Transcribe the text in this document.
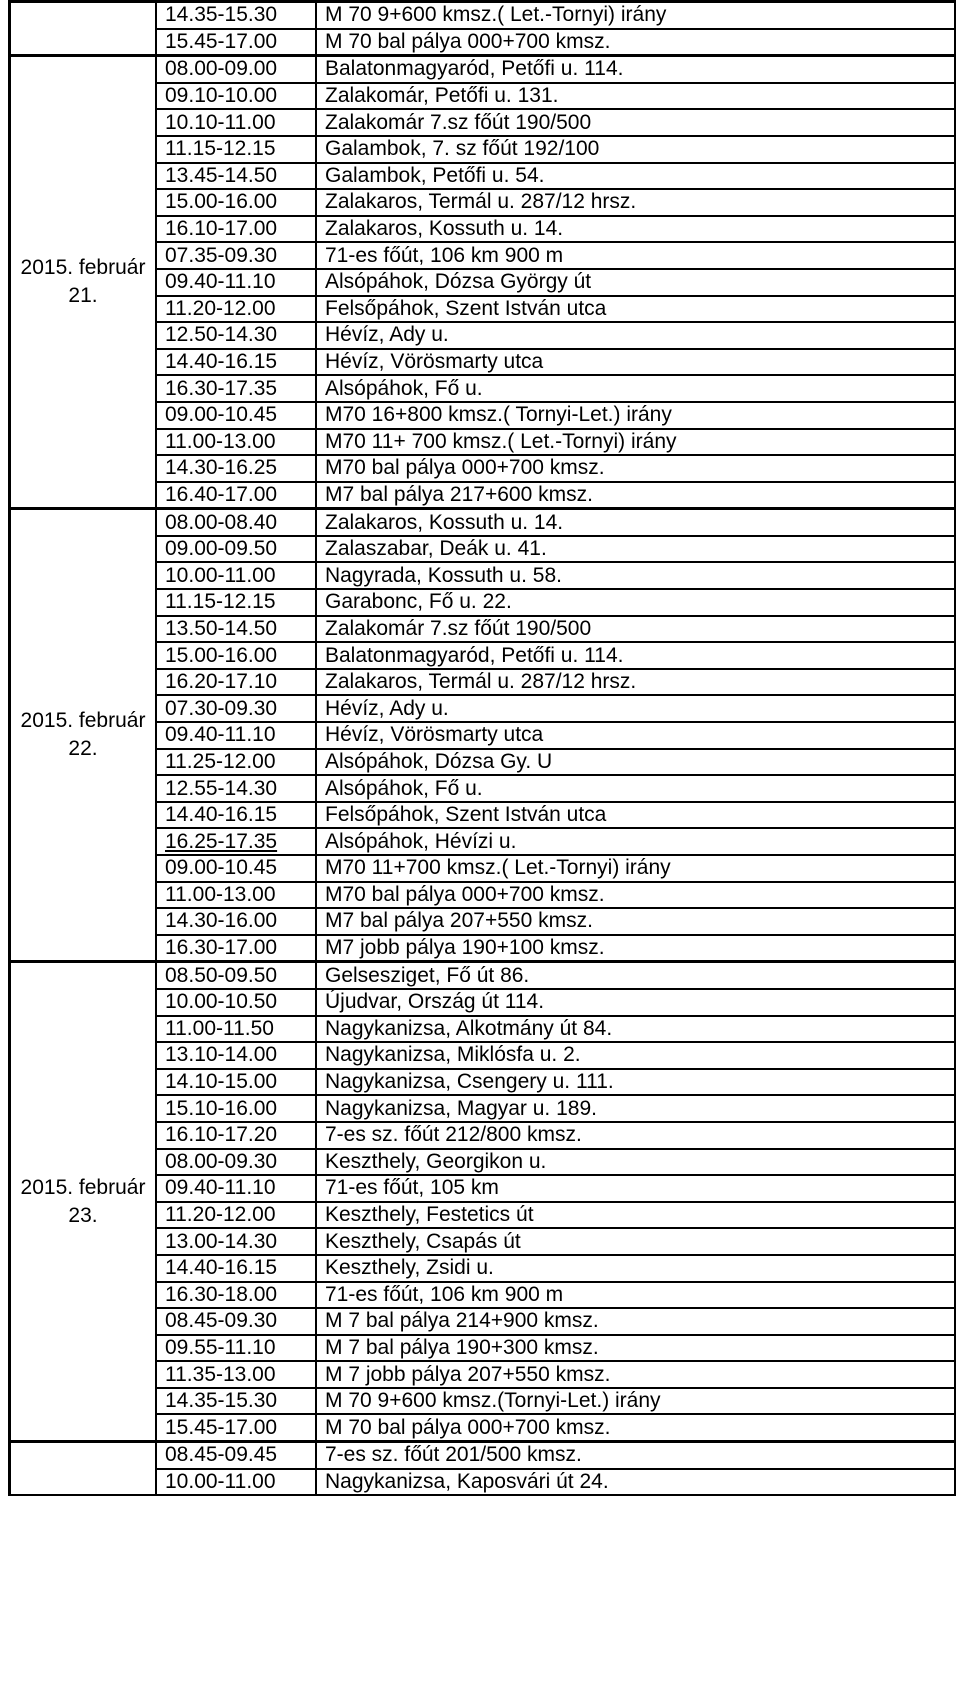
	14.35-15.30	M 70 9+600 kmsz.( Let.-Tornyi) irány
	15.45-17.00	M 70 bal pálya 000+700 kmsz.
2015. február 21.	08.00-09.00	Balatonmagyaród, Petőfi u. 114.
	09.10-10.00	Zalakomár, Petőfi u. 131.
	10.10-11.00	Zalakomár 7.sz főút 190/500
	11.15-12.15	Galambok, 7. sz főút 192/100
	13.45-14.50	Galambok, Petőfi u. 54.
	15.00-16.00	Zalakaros, Termál u. 287/12 hrsz.
	16.10-17.00	Zalakaros, Kossuth u. 14.
	07.35-09.30	71-es főút, 106 km 900 m
	09.40-11.10	Alsópáhok, Dózsa György út
	11.20-12.00	Felsőpáhok, Szent István utca
	12.50-14.30	Hévíz, Ady u.
	14.40-16.15	Hévíz, Vörösmarty utca
	16.30-17.35	Alsópáhok, Fő u.
	09.00-10.45	M70 16+800 kmsz.( Tornyi-Let.) irány
	11.00-13.00	M70 11+ 700 kmsz.( Let.-Tornyi) irány
	14.30-16.25	M70 bal pálya 000+700 kmsz.
	16.40-17.00	M7 bal pálya 217+600 kmsz.
2015. február 22.	08.00-08.40	Zalakaros, Kossuth u. 14.
	09.00-09.50	Zalaszabar, Deák u. 41.
	10.00-11.00	Nagyrada, Kossuth u. 58.
	11.15-12.15	Garabonc, Fő u. 22.
	13.50-14.50	Zalakomár 7.sz főút 190/500
	15.00-16.00	Balatonmagyaród, Petőfi u. 114.
	16.20-17.10	Zalakaros, Termál u. 287/12 hrsz.
	07.30-09.30	Hévíz, Ady u.
	09.40-11.10	Hévíz, Vörösmarty utca
	11.25-12.00	Alsópáhok, Dózsa Gy. U
	12.55-14.30	Alsópáhok, Fő u.
	14.40-16.15	Felsőpáhok, Szent István utca
	16.25-17.35	Alsópáhok, Hévízi u.
	09.00-10.45	M70 11+700 kmsz.( Let.-Tornyi) irány
	11.00-13.00	M70 bal pálya 000+700 kmsz.
	14.30-16.00	M7 bal pálya 207+550 kmsz.
	16.30-17.00	M7 jobb pálya 190+100 kmsz.
2015. február 23.	08.50-09.50	Gelsesziget, Fő út 86.
	10.00-10.50	Újudvar, Ország út 114.
	11.00-11.50	Nagykanizsa, Alkotmány út 84.
	13.10-14.00	Nagykanizsa, Miklósfa u. 2.
	14.10-15.00	Nagykanizsa, Csengery u. 111.
	15.10-16.00	Nagykanizsa, Magyar u. 189.
	16.10-17.20	7-es sz. főút 212/800 kmsz.
	08.00-09.30	Keszthely, Georgikon u.
	09.40-11.10	71-es főút, 105 km
	11.20-12.00	Keszthely, Festetics út
	13.00-14.30	Keszthely, Csapás út
	14.40-16.15	Keszthely, Zsidi u.
	16.30-18.00	71-es főút, 106 km 900 m
	08.45-09.30	M 7 bal pálya 214+900 kmsz.
	09.55-11.10	M 7 bal pálya 190+300 kmsz.
	11.35-13.00	M 7 jobb pálya 207+550 kmsz.
	14.35-15.30	M 70 9+600 kmsz.(Tornyi-Let.) irány
	15.45-17.00	M 70 bal pálya 000+700 kmsz.
	08.45-09.45	7-es sz. főút 201/500 kmsz.
	10.00-11.00	Nagykanizsa, Kaposvári út 24.
